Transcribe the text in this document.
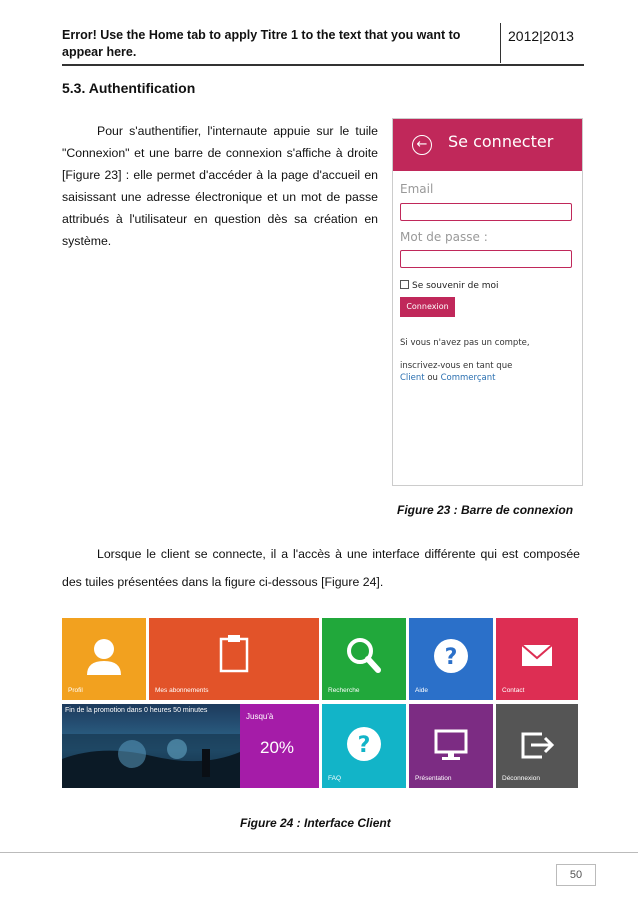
Error! Use the Home tab to apply Titre 1 to the text that you want to appear here.
2012|2013
5.3. Authentification
Pour s'authentifier, l'internaute appuie sur le tuile "Connexion" et une barre de connexion s'affiche à droite [Figure 23] : elle permet d'accéder à la page d'accueil en saisissant une adresse électronique et un mot de passe attribués à l'utilisateur en question dès sa création en système.
← Se connecter
Email
Mot de passe :
Se souvenir de moi
Connexion
Si vous n'avez pas un compte,
inscrivez-vous en tant que
Client ou Commerçant
Figure 23 : Barre de connexion
Lorsque le client se connecte, il a l'accès à une interface différente qui est composée des tuiles présentées dans la figure ci-dessous [Figure 24].
Profil	Mes abonnements	Recherche
?
Aide	Contact
Fin de la promotion dans 0 heures 50 minutes
Jusqu'à
20%	?
FAQ	Présentation	Déconnexion
Figure 24 : Interface Client
50
